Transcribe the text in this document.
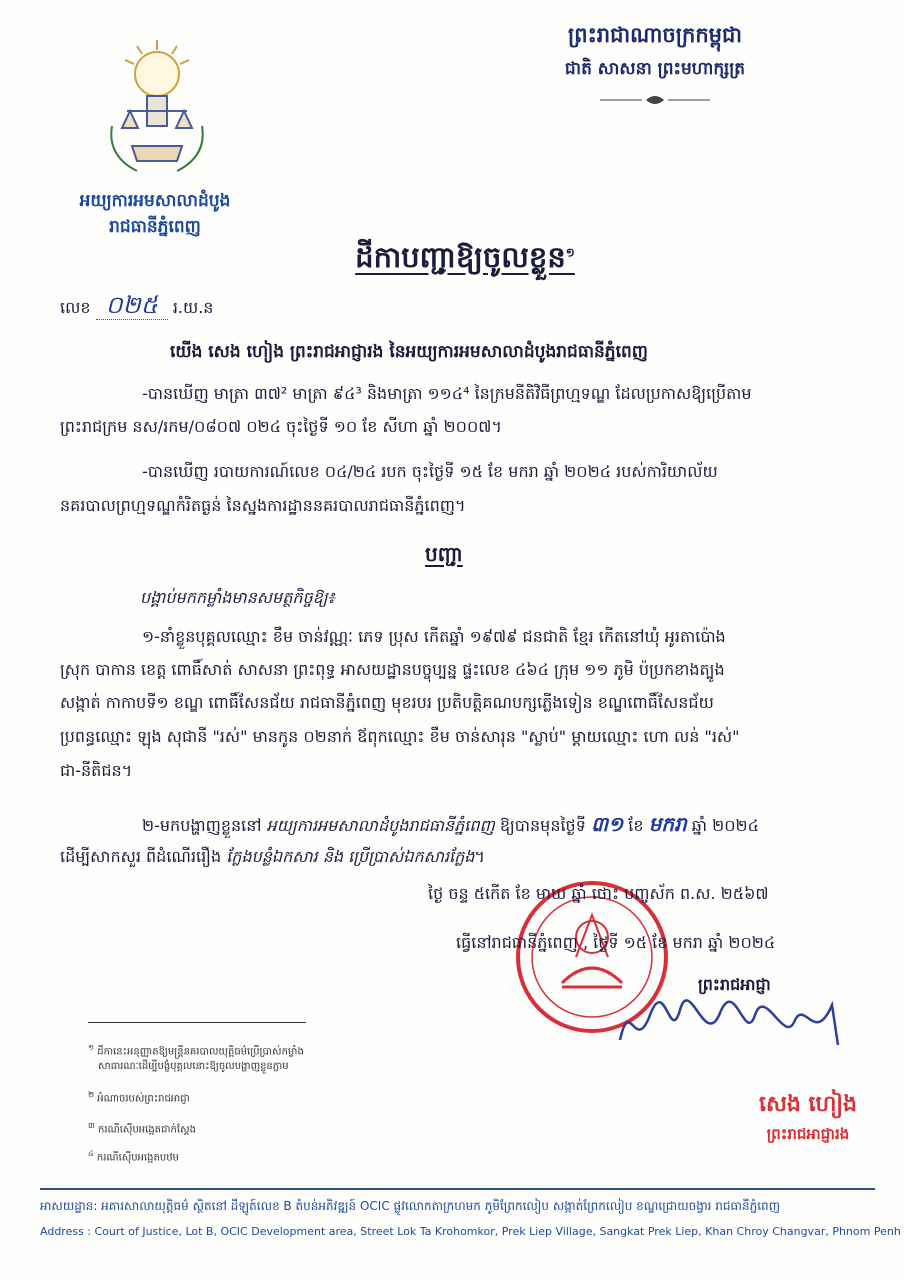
អយ្យការអមសាលាដំបូង
រាជធានីភ្នំពេញ
ព្រះរាជាណាចក្រកម្ពុជា
ជាតិ សាសនា ព្រះមហាក្សត្រ
ដីកាបញ្ជាឱ្យចូលខ្លួន$^១$
លេខ ០២៥ រ.យ.ន
យើង សេង ហៀង ព្រះរាជអាជ្ញារង នៃអយ្យការអមសាលាដំបូងរាជធានីភ្នំពេញ
-បានឃើញ មាត្រា ៣៧² មាត្រា ៩៤³ និងមាត្រា ១១៤⁴ នៃក្រមនីតិវិធីព្រហ្មទណ្ឌ ដែលប្រកាសឱ្យប្រើតាម
ព្រះរាជក្រម នស/រកម/០៨០៧ ០២៤ ចុះថ្ងៃទី ១០ ខែ សីហា ឆ្នាំ ២០០៧។
-បានឃើញ របាយការណ៍លេខ ០៤/២៤ របក ចុះថ្ងៃទី ១៥ ខែ មករា ឆ្នាំ ២០២៤ របស់ការិយាល័យ
នគរបាលព្រហ្មទណ្ឌកំរិតធ្ងន់ នៃស្នងការដ្ឋាននគរបាលរាជធានីភ្នំពេញ។
បញ្ជា
បង្គាប់មកកម្លាំងមានសមត្ថកិច្ចឱ្យ៖
១-នាំខ្លួនបុគ្គលឈ្មោះ ខឹម ចាន់វណ្ណៈ ភេទ ប្រុស កើតឆ្នាំ ១៩៧៩ ជនជាតិ ខ្មែរ កើតនៅឃុំ អូរតាប៉ោង
ស្រុក បាកាន ខេត្ត ពោធិ៍សាត់ សាសនា ព្រះពុទ្ធ អាសយដ្ឋានបច្ចុប្បន្ន ផ្ទះលេខ ៤៦៤ ក្រុម ១១ ភូមិ ប៉ប្រកខាងត្បូង
សង្កាត់ កាកាបទី១ ខណ្ឌ ពោធិ៍សែនជ័យ រាជធានីភ្នំពេញ មុខរបរ ប្រតិបត្តិគណបក្សភ្លើងទៀន ខណ្ឌពោធិ៍សែនជ័យ
ប្រពន្ធឈ្មោះ ឡុង សុជានី "រស់" មានកូន ០២នាក់ ឪពុកឈ្មោះ ខឹម ចាន់សារុន "ស្លាប់" ម្តាយឈ្មោះ ហោ លន់ "រស់"
ជា-នីតិជន។
២-មកបង្ហាញខ្លួននៅ អយ្យការអមសាលាដំបូងរាជធានីភ្នំពេញ ឱ្យបានមុនថ្ងៃទី ៣១ ខែ មករា ឆ្នាំ ២០២៤
ដើម្បីសាកសួរ ពីដំណើររឿង ក្លែងបន្លំឯកសារ និង ប្រើប្រាស់ឯកសារក្លែង។
ថ្ងៃ ចន្ទ ៥កើត ខែ មាឃ ឆ្នាំ ថោះ បញ្ចស័ក ព.ស. ២៥៦៧
ធ្វើនៅរាជធានីភ្នំពេញ , ថ្ងៃទី ១៥ ខែ មករា ឆ្នាំ ២០២៤
ព្រះរាជអាជ្ញា
សេង ហៀង
ព្រះរាជអាជ្ញារង
$^១$ ដីកានេះអនុញ្ញាតឱ្យមន្ត្រីនគរបាលយុត្តិធម៌ប្រើប្រាស់កម្លាំង
សាធារណៈដើម្បីបង្ខំបុគ្គលនោះឱ្យចូលបង្ហាញខ្លួនភ្លាម
$^២$ អំណាចរបស់ព្រះរាជអាជ្ញា
$^៣$ ករណីស៊ើបអង្កេតជាក់ស្តែង
$^៤$ ករណីស៊ើបអង្កេតបឋម
អាសយដ្ឋាន: អគារសាលាយុត្តិធម៌ ស្ថិតនៅ ដីឡូត៍លេខ B តំបន់អភិវឌ្ឍន៍ OCIC ផ្លូវលោកតាក្រហមក ភូមិព្រែកលៀប សង្កាត់ព្រែកលៀប ខណ្ឌជ្រោយចង្វារ រាជធានីភ្នំពេញ
Address : Court of Justice, Lot B, OCIC Development area, Street Lok Ta Krohomkor, Prek Liep Village, Sangkat Prek Liep, Khan Chroy Changvar, Phnom Penh
